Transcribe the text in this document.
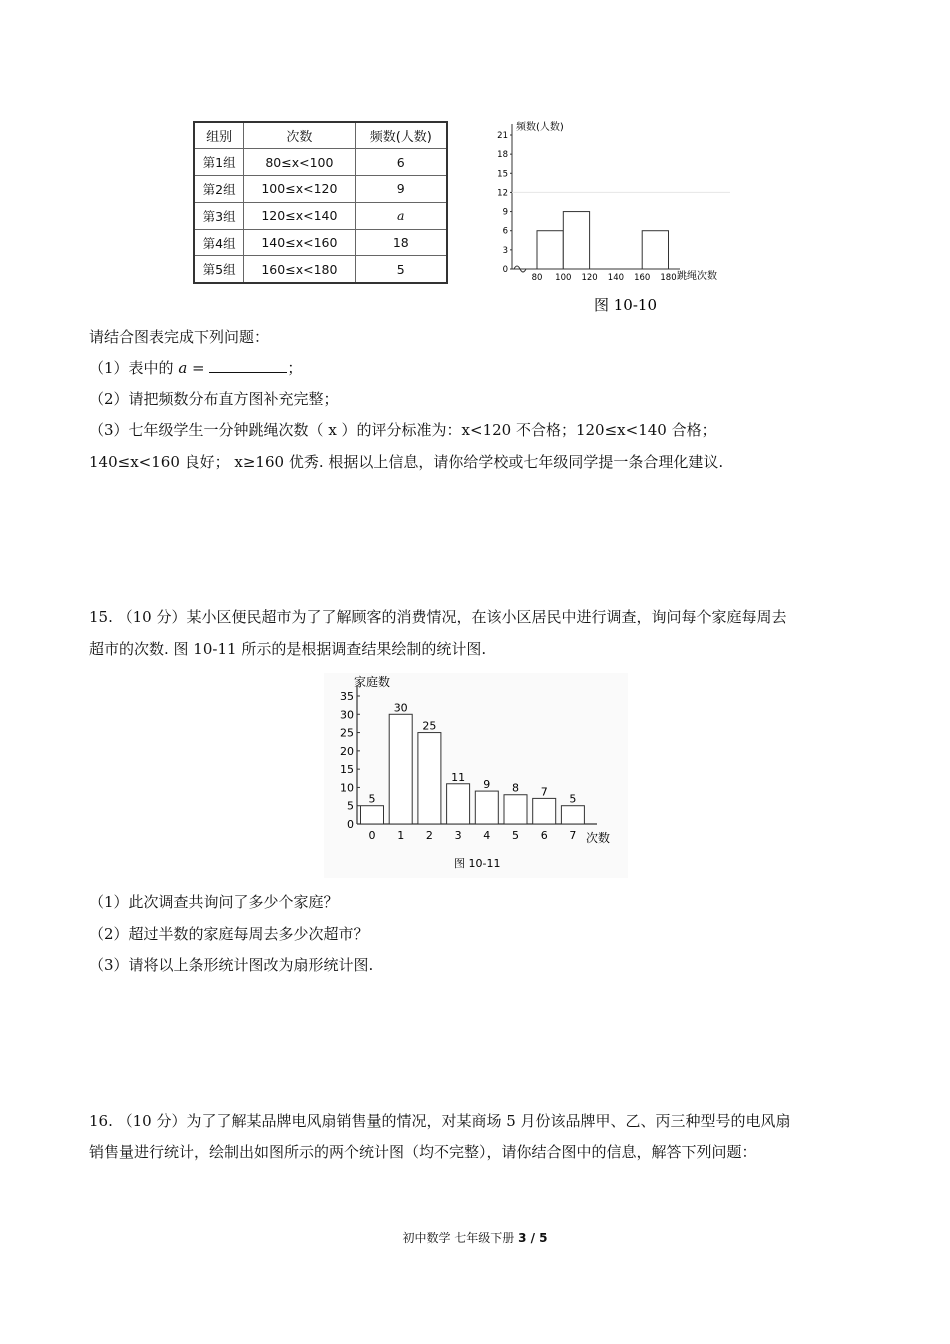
组别	次数	频数(人数)
第1组	80≤x<100	6
第2组	100≤x<120	9
第3组	120≤x<140	a
第4组	140≤x<160	18
第5组	160≤x<180	5
频数(人数)
跳绳次数
图 10-10
0
3
6
9
12
15
18
21
80 100 120 140 160 180
请结合图表完成下列问题：
（1）表中的 a =	；
（2）请把频数分布直方图补充完整；
（3）七年级学生一分钟跳绳次数（ x ）的评分标准为：x<120 不合格；120≤x<140 合格；
140≤x<160 良好； x≥160 优秀. 根据以上信息，请你给学校或七年级同学提一条合理化建议.
15. （10 分）某小区便民超市为了了解顾客的消费情况，在该小区居民中进行调查，询问每个家庭每周去
超市的次数. 图 10-11 所示的是根据调查结果绘制的统计图.
家庭数
次数
图 10-11
0
5
10
15
20
25
30
35
0 1 2 3 4 5 6 7
5
30
25
11
9 8 7
5
（1）此次调查共询问了多少个家庭？
（2）超过半数的家庭每周去多少次超市？
（3）请将以上条形统计图改为扇形统计图.
16. （10 分）为了了解某品牌电风扇销售量的情况，对某商场 5 月份该品牌甲、乙、丙三种型号的电风扇
销售量进行统计，绘制出如图所示的两个统计图（均不完整），请你结合图中的信息，解答下列问题：
初中数学 七年级下册 3 / 5
